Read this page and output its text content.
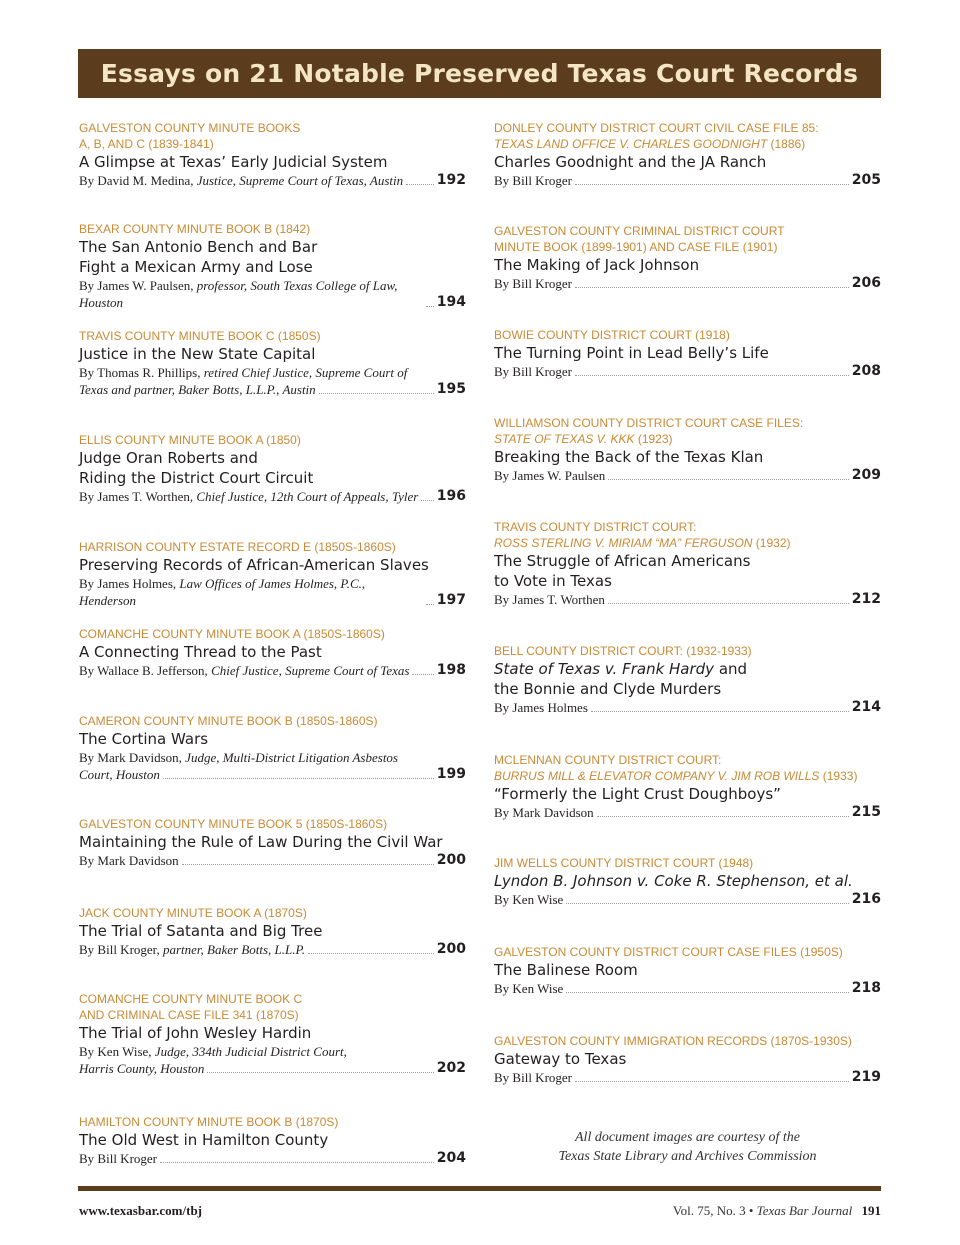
Essays on 21 Notable Preserved Texas Court Records
GALVESTON COUNTY MINUTE BOOKS
A, B, AND C (1839-1841)
A Glimpse at Texas’ Early Judicial System
By David M. Medina, Justice, Supreme Court of Texas, Austin 192
BEXAR COUNTY MINUTE BOOK B (1842)
The San Antonio Bench and Bar
Fight a Mexican Army and Lose
By James W. Paulsen, professor, South Texas College of Law, Houston	194
TRAVIS COUNTY MINUTE BOOK C (1850S)
Justice in the New State Capital
By Thomas R. Phillips, retired Chief Justice, Supreme Court of
Texas and partner, Baker Botts, L.L.P., Austin	195
ELLIS COUNTY MINUTE BOOK A (1850)
Judge Oran Roberts and
Riding the District Court Circuit
By James T. Worthen, Chief Justice, 12th Court of Appeals, Tyler 196
HARRISON COUNTY ESTATE RECORD E (1850S-1860S)
Preserving Records of African-American Slaves
By James Holmes, Law Offices of James Holmes, P.C., Henderson	197
COMANCHE COUNTY MINUTE BOOK A (1850S-1860S)
A Connecting Thread to the Past
By Wallace B. Jefferson, Chief Justice, Supreme Court of Texas 198
CAMERON COUNTY MINUTE BOOK B (1850S-1860S)
The Cortina Wars
By Mark Davidson, Judge, Multi-District Litigation Asbestos
Court, Houston	199
GALVESTON COUNTY MINUTE BOOK 5 (1850S-1860S)
Maintaining the Rule of Law During the Civil War
By Mark Davidson	200
JACK COUNTY MINUTE BOOK A (1870S)
The Trial of Satanta and Big Tree
By Bill Kroger, partner, Baker Botts, L.L.P.	200
COMANCHE COUNTY MINUTE BOOK C
AND CRIMINAL CASE FILE 341 (1870S)
The Trial of John Wesley Hardin
By Ken Wise, Judge, 334th Judicial District Court,
Harris County, Houston	202
HAMILTON COUNTY MINUTE BOOK B (1870S)
The Old West in Hamilton County
By Bill Kroger	204
DONLEY COUNTY DISTRICT COURT CIVIL CASE FILE 85:
TEXAS LAND OFFICE V. CHARLES GOODNIGHT (1886)
Charles Goodnight and the JA Ranch
By Bill Kroger	205
GALVESTON COUNTY CRIMINAL DISTRICT COURT
MINUTE BOOK (1899-1901) AND CASE FILE (1901)
The Making of Jack Johnson
By Bill Kroger	206
BOWIE COUNTY DISTRICT COURT (1918)
The Turning Point in Lead Belly’s Life
By Bill Kroger	208
WILLIAMSON COUNTY DISTRICT COURT CASE FILES:
STATE OF TEXAS V. KKK (1923)
Breaking the Back of the Texas Klan
By James W. Paulsen	209
TRAVIS COUNTY DISTRICT COURT:
ROSS STERLING V. MIRIAM “MA” FERGUSON (1932)
The Struggle of African Americans
to Vote in Texas
By James T. Worthen	212
BELL COUNTY DISTRICT COURT: (1932-1933)
State of Texas v. Frank Hardy and
the Bonnie and Clyde Murders
By James Holmes	214
MCLENNAN COUNTY DISTRICT COURT:
BURRUS MILL & ELEVATOR COMPANY V. JIM ROB WILLS (1933)
“Formerly the Light Crust Doughboys”
By Mark Davidson	215
JIM WELLS COUNTY DISTRICT COURT (1948)
Lyndon B. Johnson v. Coke R. Stephenson, et al.
By Ken Wise	216
GALVESTON COUNTY DISTRICT COURT CASE FILES (1950S)
The Balinese Room
By Ken Wise	218
GALVESTON COUNTY IMMIGRATION RECORDS (1870S-1930S)
Gateway to Texas
By Bill Kroger	219
All document images are courtesy of the
Texas State Library and Archives Commission
www.texasbar.com/tbj	Vol. 75, No. 3 • Texas Bar Journal 191
